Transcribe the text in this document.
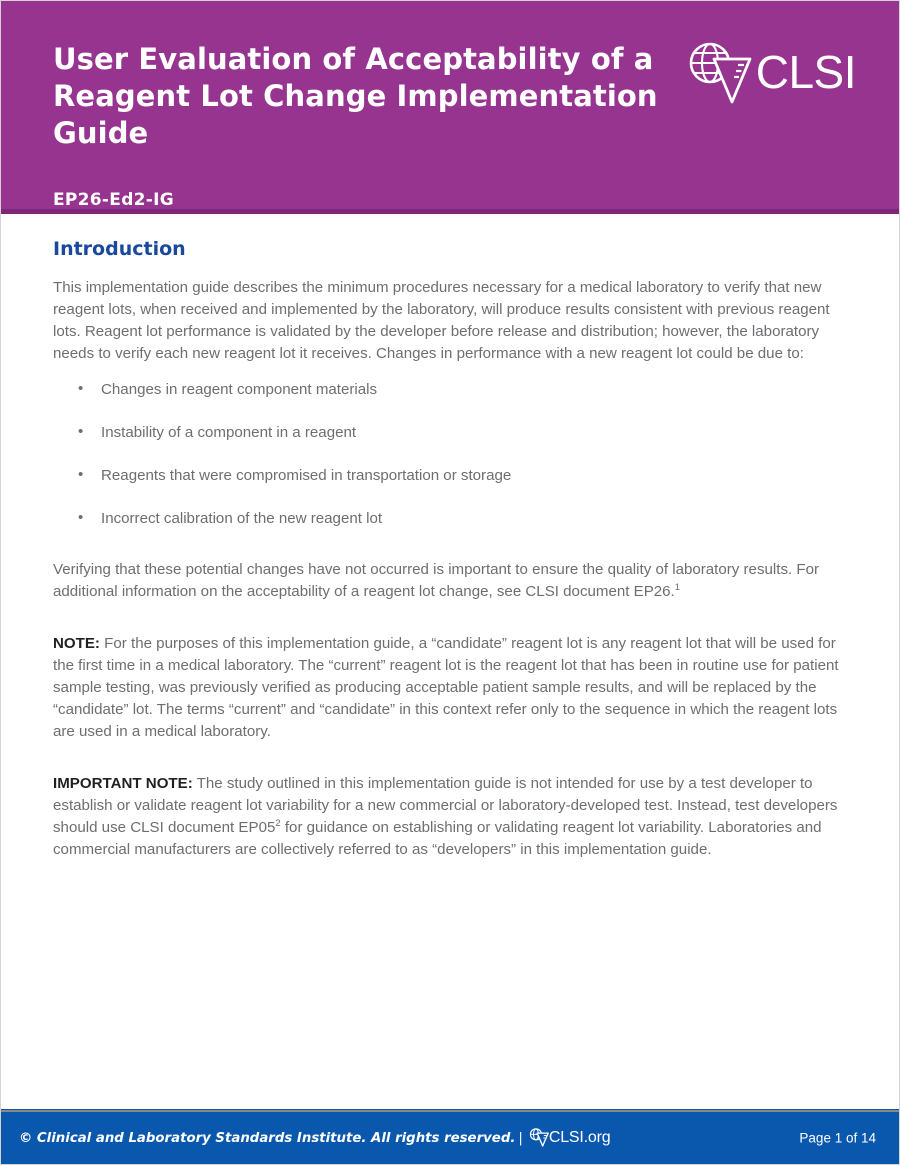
User Evaluation of Acceptability of a
Reagent Lot Change Implementation Guide
EP26-Ed2-IG
CLSI
Introduction

This implementation guide describes the minimum procedures necessary for a medical laboratory to verify that new reagent lots, when received and implemented by the laboratory, will produce results consistent with previous reagent lots. Reagent lot performance is validated by the developer before release and distribution; however, the laboratory needs to verify each new reagent lot it receives. Changes in performance with a new reagent lot could be due to:

• Changes in reagent component materials
• Instability of a component in a reagent
• Reagents that were compromised in transportation or storage
• Incorrect calibration of the new reagent lot

Verifying that these potential changes have not occurred is important to ensure the quality of laboratory results. For additional information on the acceptability of a reagent lot change, see CLSI document EP26.$^1$

NOTE: For the purposes of this implementation guide, a “candidate” reagent lot is any reagent lot that will be used for the first time in a medical laboratory. The “current” reagent lot is the reagent lot that has been in routine use for patient sample testing, was previously verified as producing acceptable patient sample results, and will be replaced by the “candidate” lot. The terms “current” and “candidate” in this context refer only to the sequence in which the reagent lots are used in a medical laboratory.

IMPORTANT NOTE: The study outlined in this implementation guide is not intended for use by a test developer to establish or validate reagent lot variability for a new commercial or laboratory-developed test. Instead, test developers should use CLSI document EP05$^2$ for guidance on establishing or validating reagent lot variability. Laboratories and commercial manufacturers are collectively referred to as “developers” in this implementation guide.

© Clinical and Laboratory Standards Institute. All rights reserved. | CLSI.org	Page 1 of 14
